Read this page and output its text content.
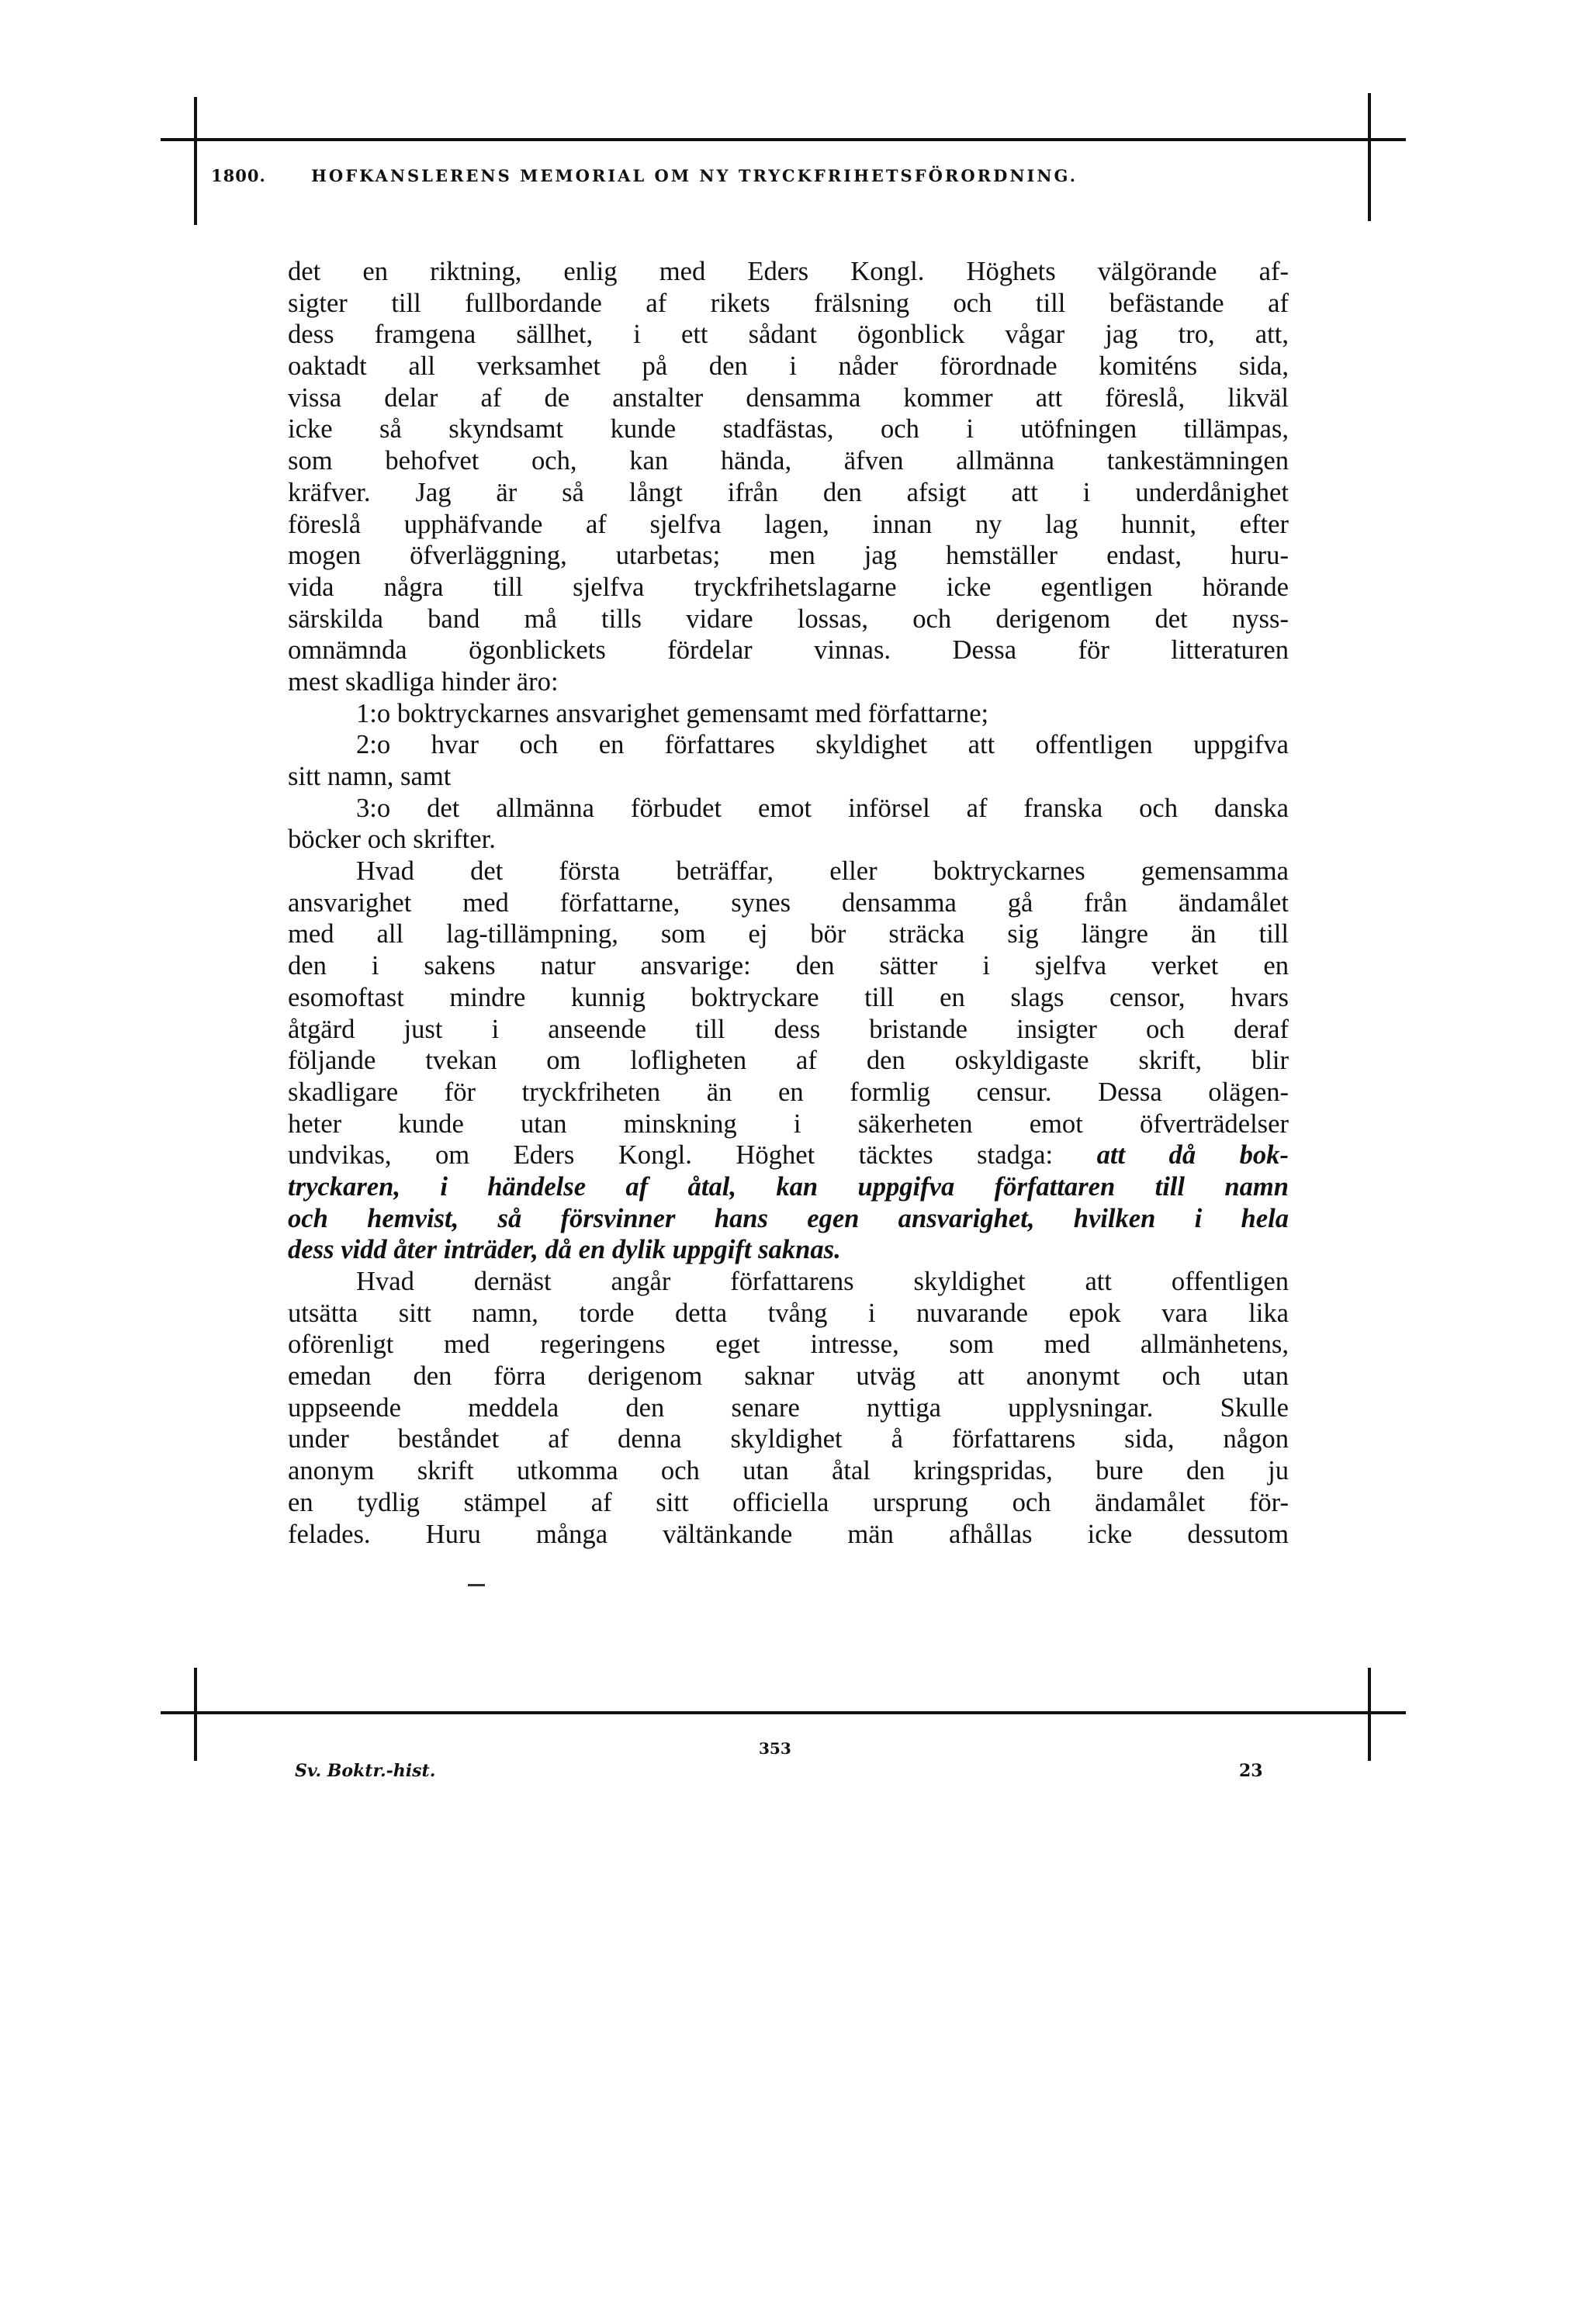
1800.	HOFKANSLERENS MEMORIAL OM NY TRYCKFRIHETSFÖRORDNING.
det en riktning, enlig med Eders Kongl. Höghets välgörande af-
sigter till fullbordande af rikets frälsning och till befästande af
dess framgena sällhet, i ett sådant ögonblick vågar jag tro, att,
oaktadt all verksamhet på den i nåder förordnade komiténs sida,
vissa delar af de anstalter densamma kommer att föreslå, likväl
icke så skyndsamt kunde stadfästas, och i utöfningen tillämpas,
som behofvet och, kan hända, äfven allmänna tankestämningen
kräfver. Jag är så långt ifrån den afsigt att i underdånighet
föreslå upphäfvande af sjelfva lagen, innan ny lag hunnit, efter
mogen öfverläggning, utarbetas; men jag hemställer endast, huru-
vida några till sjelfva tryckfrihetslagarne icke egentligen hörande
särskilda band må tills vidare lossas, och derigenom det nyss-
omnämnda ögonblickets fördelar vinnas. Dessa för litteraturen
mest skadliga hinder äro:
1:o boktryckarnes ansvarighet gemensamt med författarne;
2:o hvar och en författares skyldighet att offentligen uppgifva
sitt namn, samt
3:o det allmänna förbudet emot införsel af franska och danska
böcker och skrifter.
Hvad det första beträffar, eller boktryckarnes gemensamma
ansvarighet med författarne, synes densamma gå från ändamålet
med all lag-tillämpning, som ej bör sträcka sig längre än till
den i sakens natur ansvarige: den sätter i sjelfva verket en
esomoftast mindre kunnig boktryckare till en slags censor, hvars
åtgärd just i anseende till dess bristande insigter och deraf
följande tvekan om lofligheten af den oskyldigaste skrift, blir
skadligare för tryckfriheten än en formlig censur. Dessa olägen-
heter kunde utan minskning i säkerheten emot öfverträdelser
undvikas, om Eders Kongl. Höghet täcktes stadga: att då bok-
tryckaren, i händelse af åtal, kan uppgifva författaren till namn
och hemvist, så försvinner hans egen ansvarighet, hvilken i hela
dess vidd åter inträder, då en dylik uppgift saknas.
Hvad dernäst angår författarens skyldighet att offentligen
utsätta sitt namn, torde detta tvång i nuvarande epok vara lika
oförenligt med regeringens eget intresse, som med allmänhetens,
emedan den förra derigenom saknar utväg att anonymt och utan
uppseende meddela den senare nyttiga upplysningar. Skulle
under beståndet af denna skyldighet å författarens sida, någon
anonym skrift utkomma och utan åtal kringspridas, bure den ju
en tydlig stämpel af sitt officiella ursprung och ändamålet för-
felades. Huru många vältänkande män afhållas icke dessutom
Sv. Boktr.-hist.
353
23
